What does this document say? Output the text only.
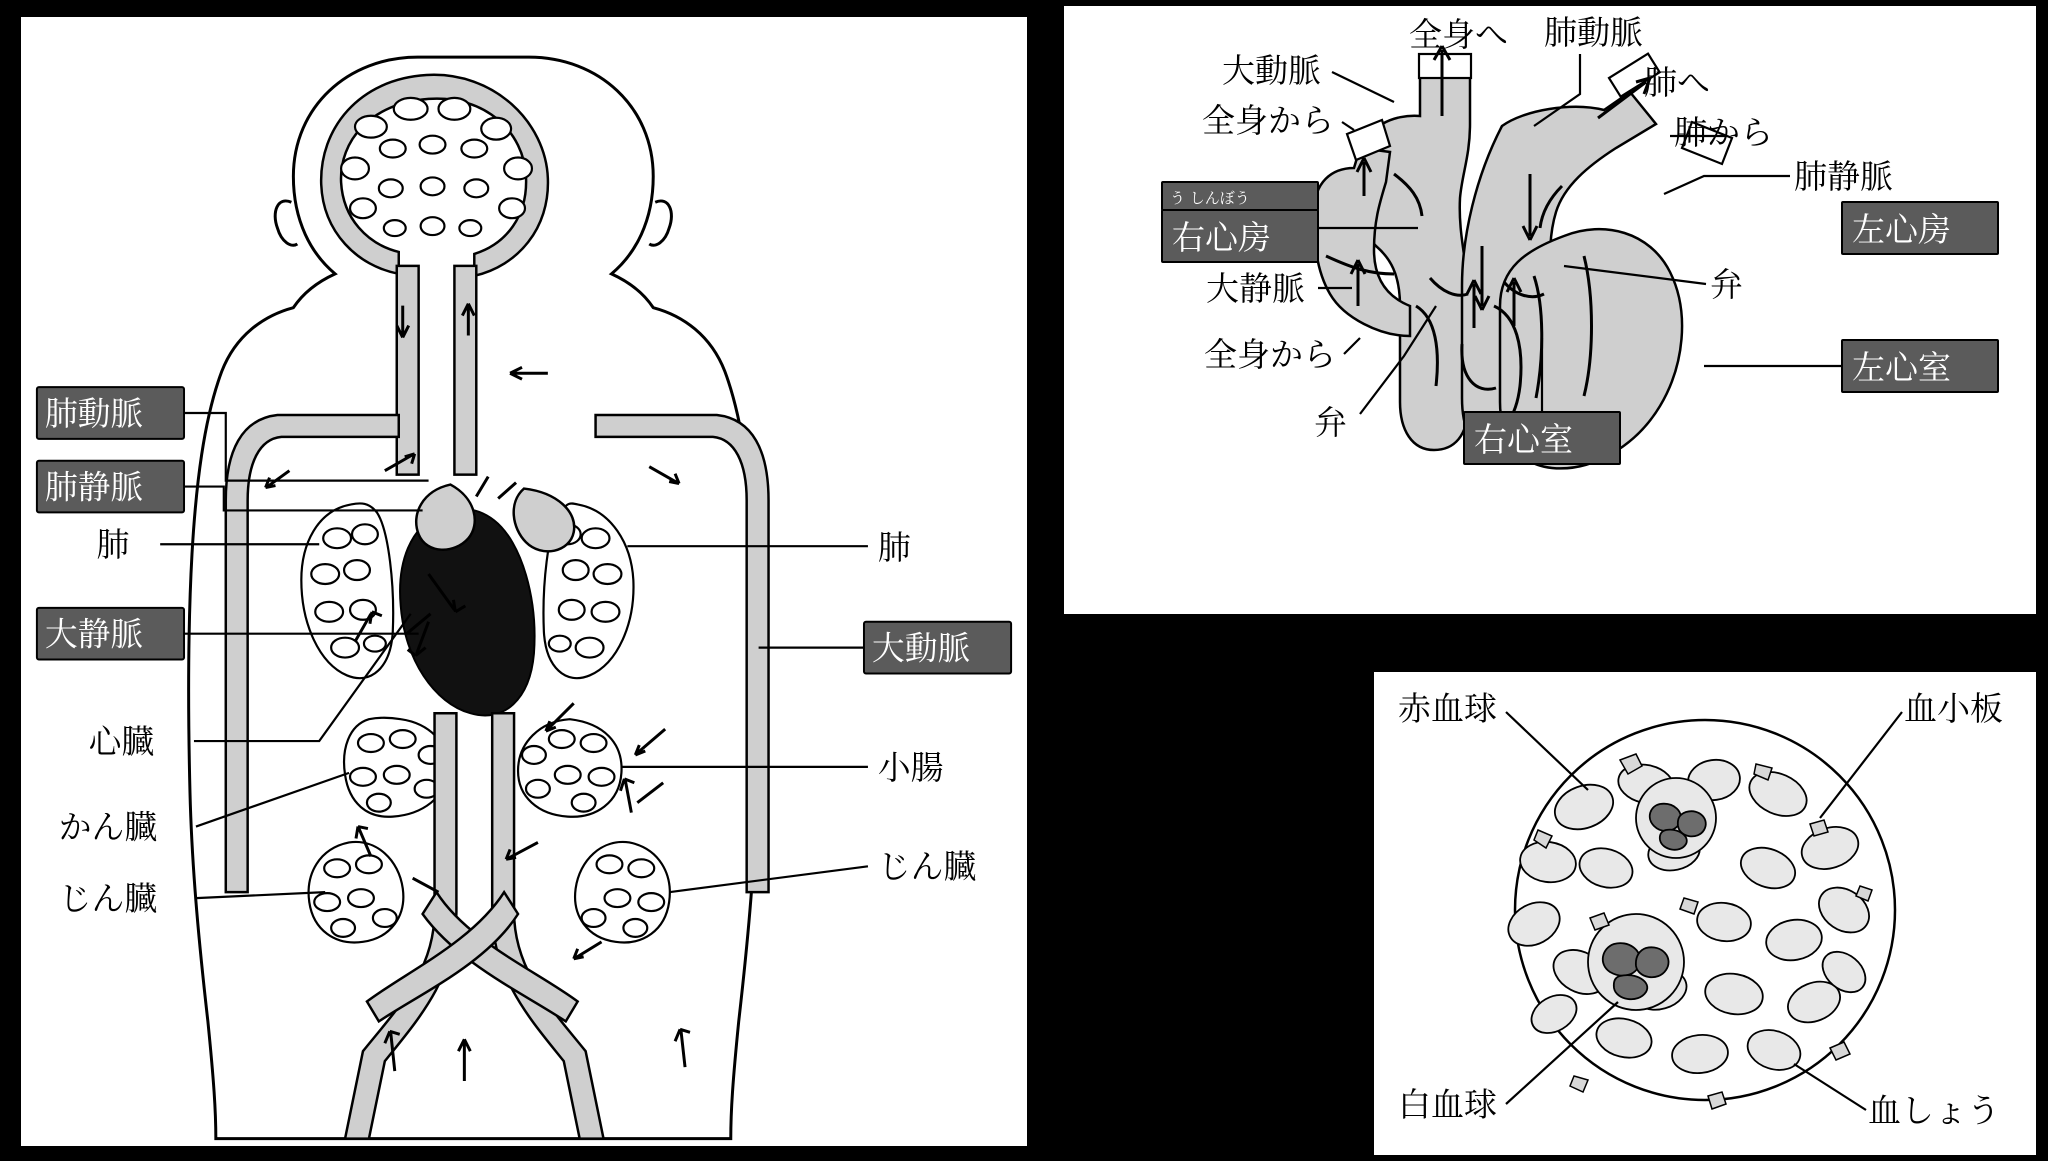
肺動脈
肺静脈
肺
大静脈
心臓
かん臓
じん臓
肺
大動脈
小腸
じん臓
全身へ 肺動脈
大動脈
全身から
肺へ
肺から
肺静脈
う しんぼう
右心房	左心房
大静脈	弁
左心室
全身から
弁	右心室
赤血球	血小板
白血球	血しょう
